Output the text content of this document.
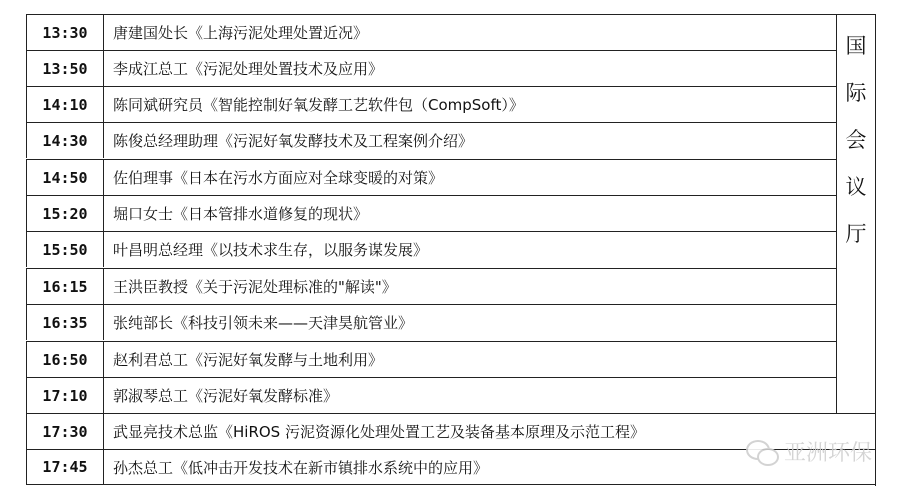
13:30	唐建国处长《上海污泥处理处置近况》
13:50	李成江总工《污泥处理处置技术及应用》
14:10	陈同斌研究员《智能控制好氧发酵工艺软件包（CompSoft）》
14:30	陈俊总经理助理《污泥好氧发酵技术及工程案例介绍》
14:50	佐伯理事《日本在污水方面应对全球变暖的对策》
15:20	堀口女士《日本管排水道修复的现状》
15:50	叶昌明总经理《以技术求生存，以服务谋发展》
16:15	王洪臣教授《关于污泥处理标准的"解读"》
16:35	张纯部长《科技引领未来——天津昊航管业》
16:50	赵利君总工《污泥好氧发酵与土地利用》
17:10	郭淑琴总工《污泥好氧发酵标准》
17:30	武显亮技术总监《HiROS 污泥资源化处理处置工艺及装备基本原理及示范工程》
17:45	孙杰总工《低冲击开发技术在新市镇排水系统中的应用》
国
际
会
议
厅
亚洲环保
